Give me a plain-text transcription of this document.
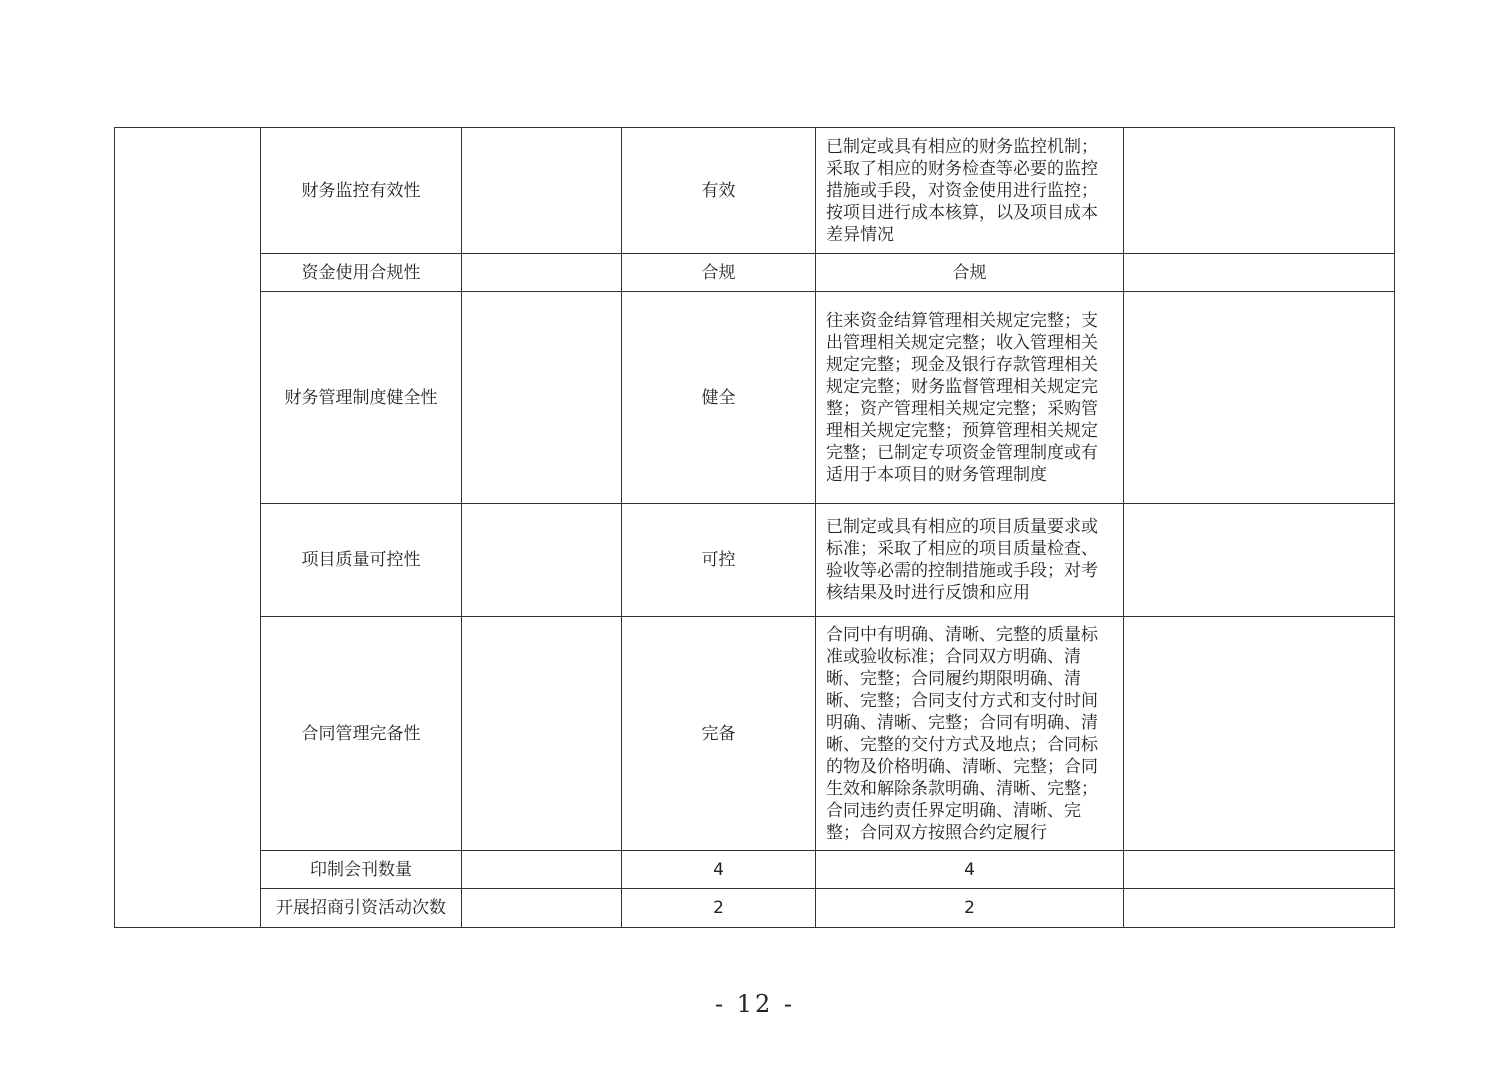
	财务监控有效性		有效	已制定或具有相应的财务监控机制；采取了相应的财务检查等必要的监控措施或手段，对资金使用进行监控；按项目进行成本核算，以及项目成本差异情况	
	资金使用合规性		合规	合规	
	财务管理制度健全性		健全	往来资金结算管理相关规定完整；支出管理相关规定完整；收入管理相关规定完整；现金及银行存款管理相关规定完整；财务监督管理相关规定完整；资产管理相关规定完整；采购管理相关规定完整；预算管理相关规定完整；已制定专项资金管理制度或有适用于本项目的财务管理制度	
	项目质量可控性		可控	已制定或具有相应的项目质量要求或标准；采取了相应的项目质量检查、验收等必需的控制措施或手段；对考核结果及时进行反馈和应用	
	合同管理完备性		完备	合同中有明确、清晰、完整的质量标准或验收标准；合同双方明确、清晰、完整；合同履约期限明确、清晰、完整；合同支付方式和支付时间明确、清晰、完整；合同有明确、清晰、完整的交付方式及地点；合同标的物及价格明确、清晰、完整；合同生效和解除条款明确、清晰、完整；合同违约责任界定明确、清晰、完整；合同双方按照合约定履行	
	印制会刊数量		4	4	
	开展招商引资活动次数		2	2	
- 12 -
